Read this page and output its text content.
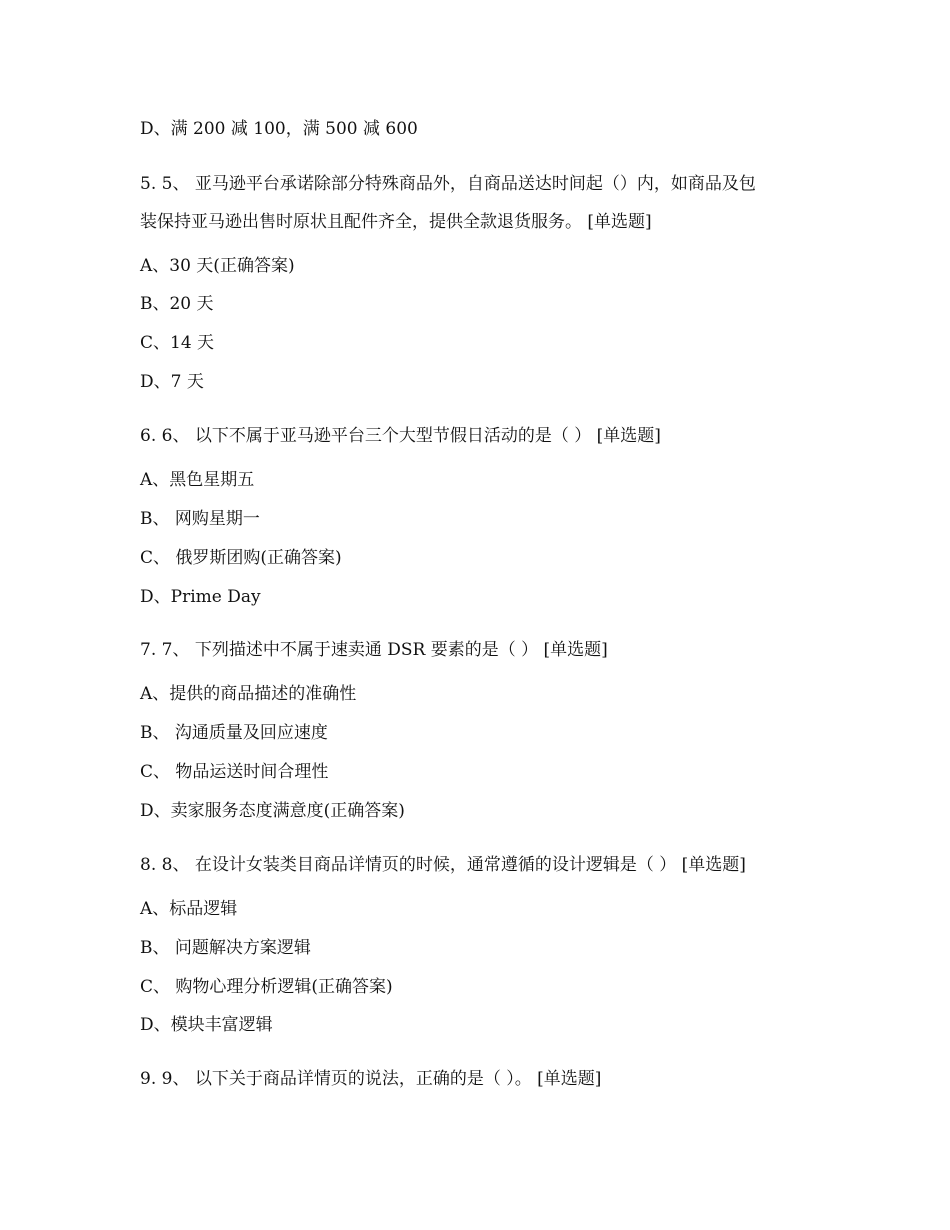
D、满 200 减 100，满 500 减 600
5. 5、 亚马逊平台承诺除部分特殊商品外，自商品送达时间起（）内，如商品及包
装保持亚马逊出售时原状且配件齐全，提供全款退货服务。 [单选题]
A、30 天(正确答案)
B、20 天
C、14 天
D、7 天
6. 6、 以下不属于亚马逊平台三个大型节假日活动的是（ ） [单选题]
A、黑色星期五
B、 网购星期一
C、 俄罗斯团购(正确答案)
D、Prime Day
7. 7、 下列描述中不属于速卖通 DSR 要素的是（ ） [单选题]
A、提供的商品描述的准确性
B、 沟通质量及回应速度
C、 物品运送时间合理性
D、卖家服务态度满意度(正确答案)
8. 8、 在设计女装类目商品详情页的时候，通常遵循的设计逻辑是（ ） [单选题]
A、标品逻辑
B、 问题解决方案逻辑
C、 购物心理分析逻辑(正确答案)
D、模块丰富逻辑
9. 9、 以下关于商品详情页的说法，正确的是（ ）。 [单选题]
